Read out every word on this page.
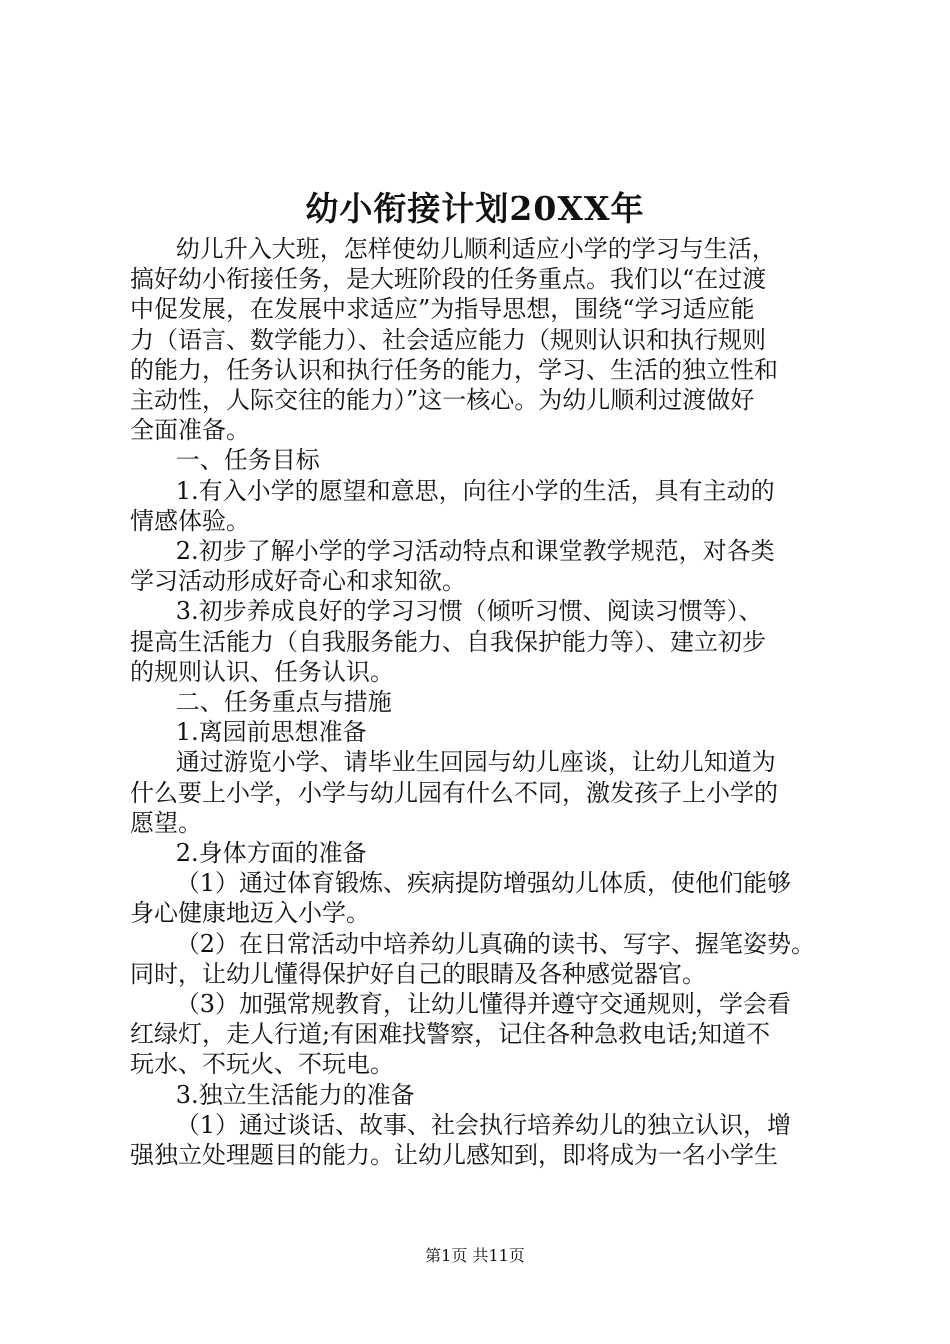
幼小衔接计划20XX年

幼儿升入大班，怎样使幼儿顺利适应小学的学习与生活，

搞好幼小衔接任务，是大班阶段的任务重点。我们以“在过渡

中促发展，在发展中求适应”为指导思想，围绕“学习适应能

力（语言、数学能力）、社会适应能力（规则认识和执行规则

的能力，任务认识和执行任务的能力，学习、生活的独立性和

主动性，人际交往的能力）”这一核心。为幼儿顺利过渡做好

全面准备。

一、任务目标

1.有入小学的愿望和意思，向往小学的生活，具有主动的

情感体验。

2.初步了解小学的学习活动特点和课堂教学规范，对各类

学习活动形成好奇心和求知欲。

3.初步养成良好的学习习惯（倾听习惯、阅读习惯等）、

提高生活能力（自我服务能力、自我保护能力等）、建立初步

的规则认识、任务认识。

二、任务重点与措施

1.离园前思想准备

通过游览小学、请毕业生回园与幼儿座谈，让幼儿知道为

什么要上小学，小学与幼儿园有什么不同，激发孩子上小学的

愿望。

2.身体方面的准备

（1）通过体育锻炼、疾病提防增强幼儿体质，使他们能够

身心健康地迈入小学。

（2）在日常活动中培养幼儿真确的读书、写字、握笔姿势。

同时，让幼儿懂得保护好自己的眼睛及各种感觉器官。

（3）加强常规教育，让幼儿懂得并遵守交通规则，学会看

红绿灯，走人行道;有困难找警察，记住各种急救电话;知道不

玩水、不玩火、不玩电。

3.独立生活能力的准备

（1）通过谈话、故事、社会执行培养幼儿的独立认识，增

强独立处理题目的能力。让幼儿感知到，即将成为一名小学生

第1页 共11页
